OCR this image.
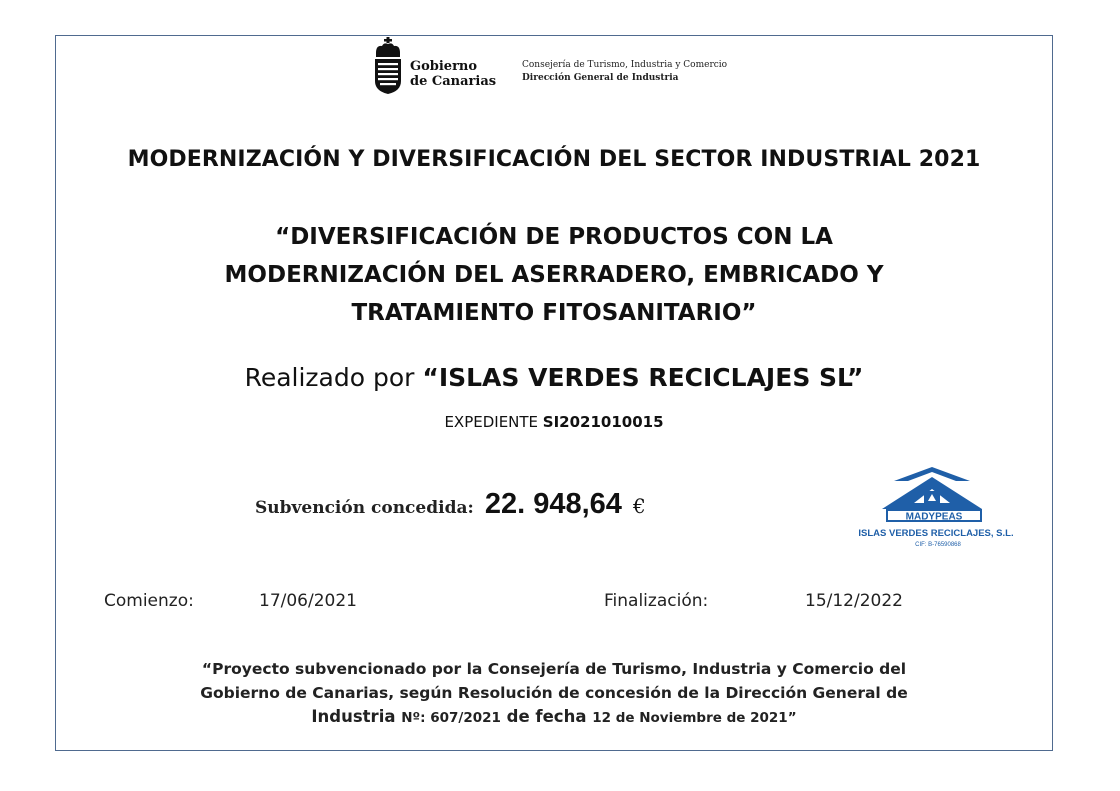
Gobierno
de Canarias
Consejería de Turismo, Industria y Comercio
Dirección General de Industria
MODERNIZACIÓN Y DIVERSIFICACIÓN DEL SECTOR INDUSTRIAL 2021
“DIVERSIFICACIÓN DE PRODUCTOS CON LA
MODERNIZACIÓN DEL ASERRADERO, EMBRICADO Y
TRATAMIENTO FITOSANITARIO”
Realizado por “ISLAS VERDES RECICLAJES SL”
EXPEDIENTE SI2021010015
Subvención concedida: 22. 948,64 €	MADYPEAS
ISLAS VERDES RECICLAJES, S.L.
CIF: B-76590868
Comienzo:	17/06/2021	Finalización:	15/12/2022
“Proyecto subvencionado por la Consejería de Turismo, Industria y Comercio del
Gobierno de Canarias, según Resolución de concesión de la Dirección General de
Industria Nº: 607/2021 de fecha 12 de Noviembre de 2021”
